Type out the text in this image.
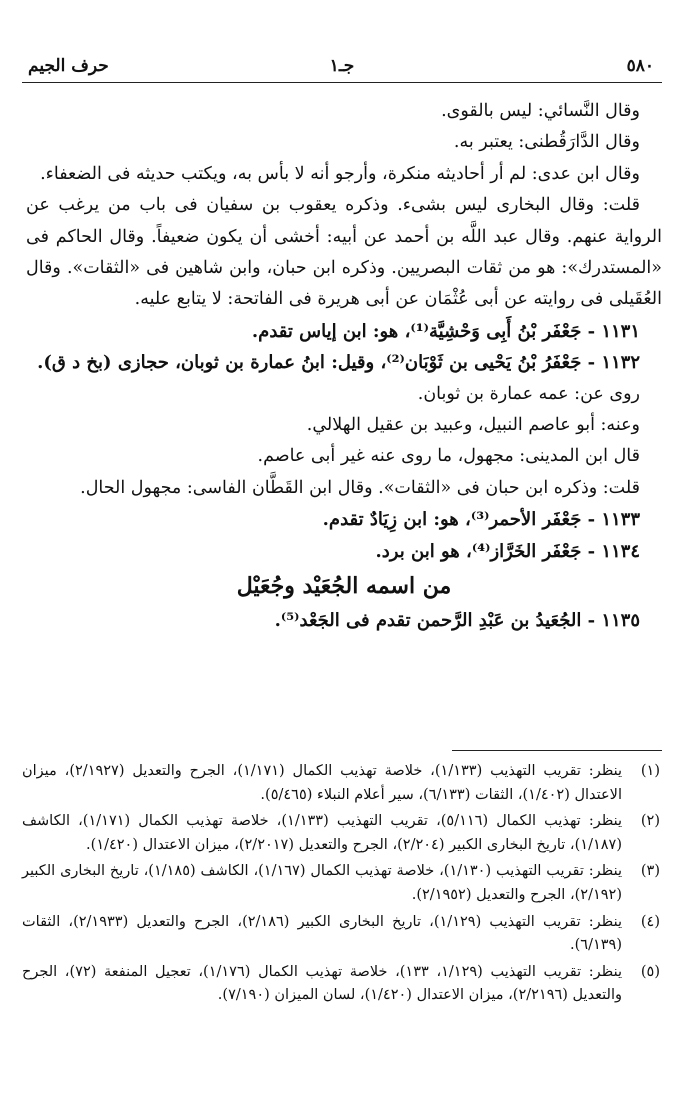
٥٨٠
جـ١
حرف الجيم

وقال النَّسائي: ليس بالقوى.

وقال الدَّارَقُطنى: يعتبر به.

وقال ابن عدى: لم أر أحاديثه منكرة، وأرجو أنه لا بأس به، ويكتب حديثه فى الضعفاء.

قلت: وقال البخارى ليس بشىء. وذكره يعقوب بن سفيان فى باب من يرغب عن الرواية عنهم. وقال عبد اللَّه بن أحمد عن أبيه: أخشى أن يكون ضعيفاً. وقال الحاكم فى «المستدرك»: هو من ثقات البصريين. وذكره ابن حبان، وابن شاهين فى «الثقات». وقال العُقَيلى فى روايته عن أبى عُثْمَان عن أبى هريرة فى الفاتحة: لا يتابع عليه.

١١٣١ - جَعْفَر بْنُ أَبِى وَحْشِيَّة⁽¹⁾، هو: ابن إياس تقدم.

١١٣٢ - جَعْفَرُ بْنُ يَحْيى بن ثَوْبَان⁽²⁾، وقيل: ابنُ عمارة بن ثوبان، حجازى (بخ د ق).

روى عن: عمه عمارة بن ثوبان.

وعنه: أبو عاصم النبيل، وعبيد بن عقيل الهلالي.

قال ابن المدينى: مجهول، ما روى عنه غير أبى عاصم.

قلت: وذكره ابن حبان فى «الثقات». وقال ابن القَطَّان الفاسى: مجهول الحال.

١١٣٣ - جَعْفَر الأحمر⁽³⁾، هو: ابن زِيَادٌ تقدم.

١١٣٤ - جَعْفَر الخَرَّاز⁽⁴⁾، هو ابن برد.

من اسمه الجُعَيْد وجُعَيْل

١١٣٥ - الجُعَيدُ بن عَبْدِ الرَّحمن تقدم فى الجَعْد⁽⁵⁾.

(١)
ينظر: تقريب التهذيب (١/١٣٣)، خلاصة تهذيب الكمال (١/١٧١)، الجرح والتعديل (٢/١٩٢٧)، ميزان الاعتدال (١/٤٠٢)، الثقات (٦/١٣٣)، سير أعلام النبلاء (٥/٤٦٥).
(٢)
ينظر: تهذيب الكمال (٥/١١٦)، تقريب التهذيب (١/١٣٣)، خلاصة تهذيب الكمال (١/١٧١)، الكاشف (١/١٨٧)، تاريخ البخارى الكبير (٢/٢٠٤)، الجرح والتعديل (٢/٢٠١٧)، ميزان الاعتدال (١/٤٢٠).
(٣)
ينظر: تقريب التهذيب (١/١٣٠)، خلاصة تهذيب الكمال (١/١٦٧)، الكاشف (١/١٨٥)، تاريخ البخارى الكبير (٢/١٩٢)، الجرح والتعديل (٢/١٩٥٢).
(٤)
ينظر: تقريب التهذيب (١/١٢٩)، تاريخ البخارى الكبير (٢/١٨٦)، الجرح والتعديل (٢/١٩٣٣)، الثقات (٦/١٣٩).
(٥)
ينظر: تقريب التهذيب (١/١٢٩، ١٣٣)، خلاصة تهذيب الكمال (١/١٧٦)، تعجيل المنفعة (٧٢)، الجرح والتعديل (٢/٢١٩٦)، ميزان الاعتدال (١/٤٢٠)، لسان الميزان (٧/١٩٠).
